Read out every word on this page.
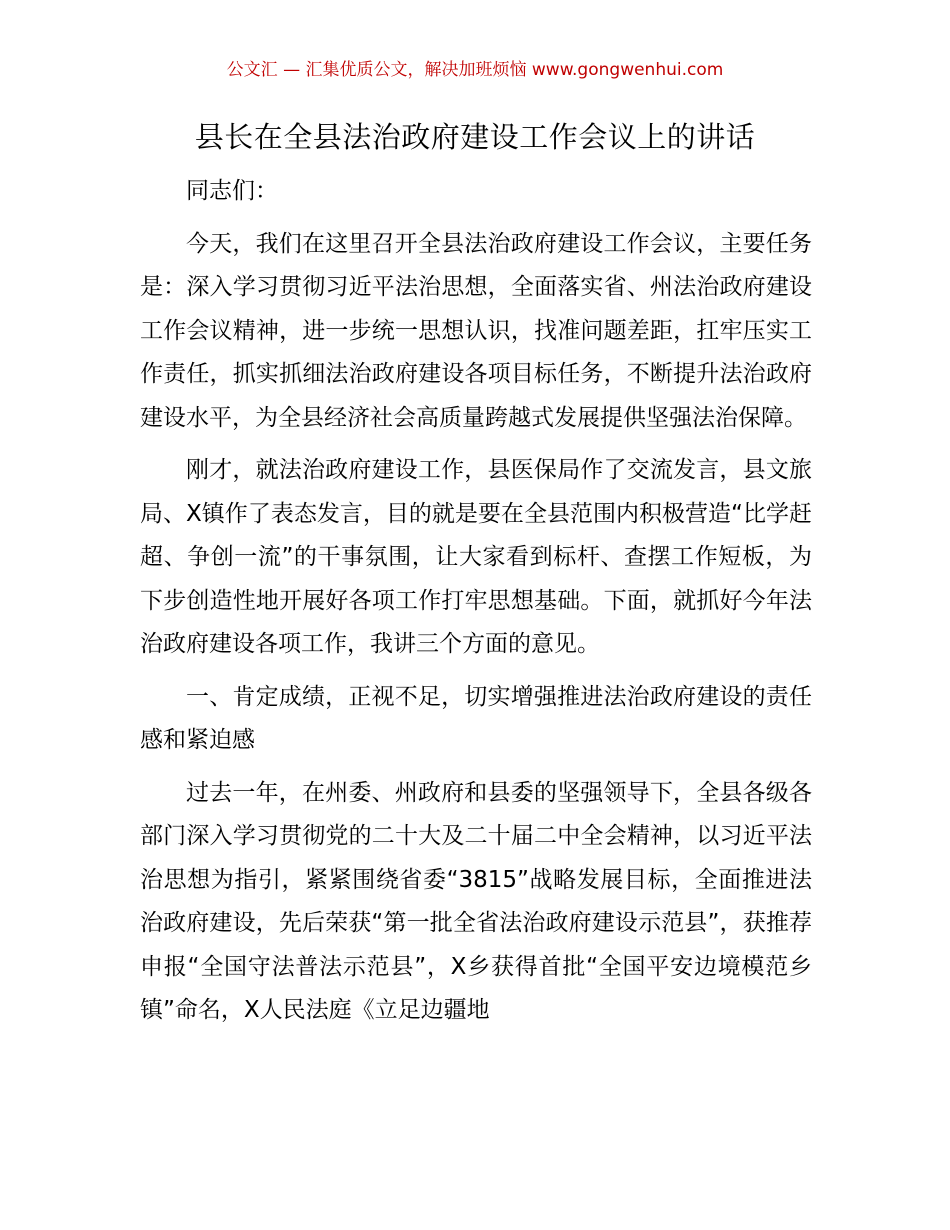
公文汇 — 汇集优质公文，解决加班烦恼 www.gongwenhui.com
县长在全县法治政府建设工作会议上的讲话

同志们：

今天，我们在这里召开全县法治政府建设工作会议，主要任务是：深入学习贯彻习近平法治思想，全面落实省、州法治政府建设工作会议精神，进一步统一思想认识，找准问题差距，扛牢压实工作责任，抓实抓细法治政府建设各项目标任务，不断提升法治政府建设水平，为全县经济社会高质量跨越式发展提供坚强法治保障。

刚才，就法治政府建设工作，县医保局作了交流发言，县文旅局、X镇作了表态发言，目的就是要在全县范围内积极营造“比学赶超、争创一流”的干事氛围，让大家看到标杆、查摆工作短板，为下步创造性地开展好各项工作打牢思想基础。下面，就抓好今年法治政府建设各项工作，我讲三个方面的意见。

一、肯定成绩，正视不足，切实增强推进法治政府建设的责任感和紧迫感

过去一年，在州委、州政府和县委的坚强领导下，全县各级各部门深入学习贯彻党的二十大及二十届二中全会精神，以习近平法治思想为指引，紧紧围绕省委“3815”战略发展目标，全面推进法治政府建设，先后荣获“第一批全省法治政府建设示范县”，获推荐申报“全国守法普法示范县”，X乡获得首批“全国平安边境模范乡镇”命名，X人民法庭《立足边疆地
